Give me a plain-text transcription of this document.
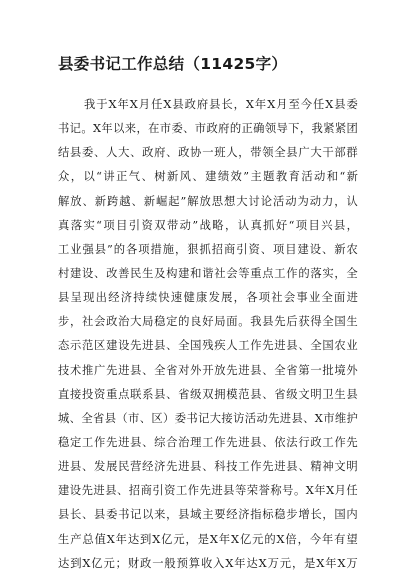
县委书记工作总结（11425字）
我 于 X 年 X 月 任 X 县 政 府 县 长 ， X 年 X 月 至 今 任 X 县 委
书 记 。 X 年 以 来 ， 在 市 委 、 市 政 府 的 正 确 领 导 下 ， 我 紧 紧 团
结 县 委 、 人 大 、 政 府 、 政 协 一 班 人 ， 带 领 全 县 广 大 干 部 群
众 ， 以 “ 讲 正 气 、 树 新 风 、 建 绩 效 ” 主 题 教 育 活 动 和 “ 新
解 放 、 新 跨 越 、 新 崛 起 ” 解 放 思 想 大 讨 论 活 动 为 动 力 ， 认
真 落 实 “ 项 目 引 资 双 带 动 ” 战 略 ， 认 真 抓 好 “ 项 目 兴 县 ，
工 业 强 县 ” 的 各 项 措 施 ， 狠 抓 招 商 引 资 、 项 目 建 设 、 新 农
村 建 设 、 改 善 民 生 及 构 建 和 谐 社 会 等 重 点 工 作 的 落 实 ， 全
县 呈 现 出 经 济 持 续 快 速 健 康 发 展 ， 各 项 社 会 事 业 全 面 进
步 ， 社 会 政 治 大 局 稳 定 的 良 好 局 面 。 我 县 先 后 获 得 全 国 生
态 示 范 区 建 设 先 进 县 、 全 国 残 疾 人 工 作 先 进 县 、 全 国 农 业
技 术 推 广 先 进 县 、 全 省 对 外 开 放 先 进 县 、 全 省 第 一 批 境 外
直 接 投 资 重 点 联 系 县 、 省 级 双 拥 模 范 县 、 省 级 文 明 卫 生 县
城 、 全 省 县 （ 市 、 区 ） 委 书 记 大 接 访 活 动 先 进 县 、 X 市 维 护
稳 定 工 作 先 进 县 、 综 合 治 理 工 作 先 进 县 、 依 法 行 政 工 作 先
进 县 、 发 展 民 营 经 济 先 进 县 、 科 技 工 作 先 进 县 、 精 神 文 明
建 设 先 进 县 、 招 商 引 资 工 作 先 进 县 等 荣 誉 称 号 。 X 年 X 月 任
县 长 、 县 委 书 记 以 来 ， 县 域 主 要 经 济 指 标 稳 步 增 长 ， 国 内
生 产 总 值 X 年 达 到 X 亿 元 ， 是 X 年 X 亿 元 的 X 倍 ， 今 年 有 望
达 到 X 亿 元 ； 财 政 一 般 预 算 收 入 X 年 达 X 万 元 ， 是 X 年 X 万
